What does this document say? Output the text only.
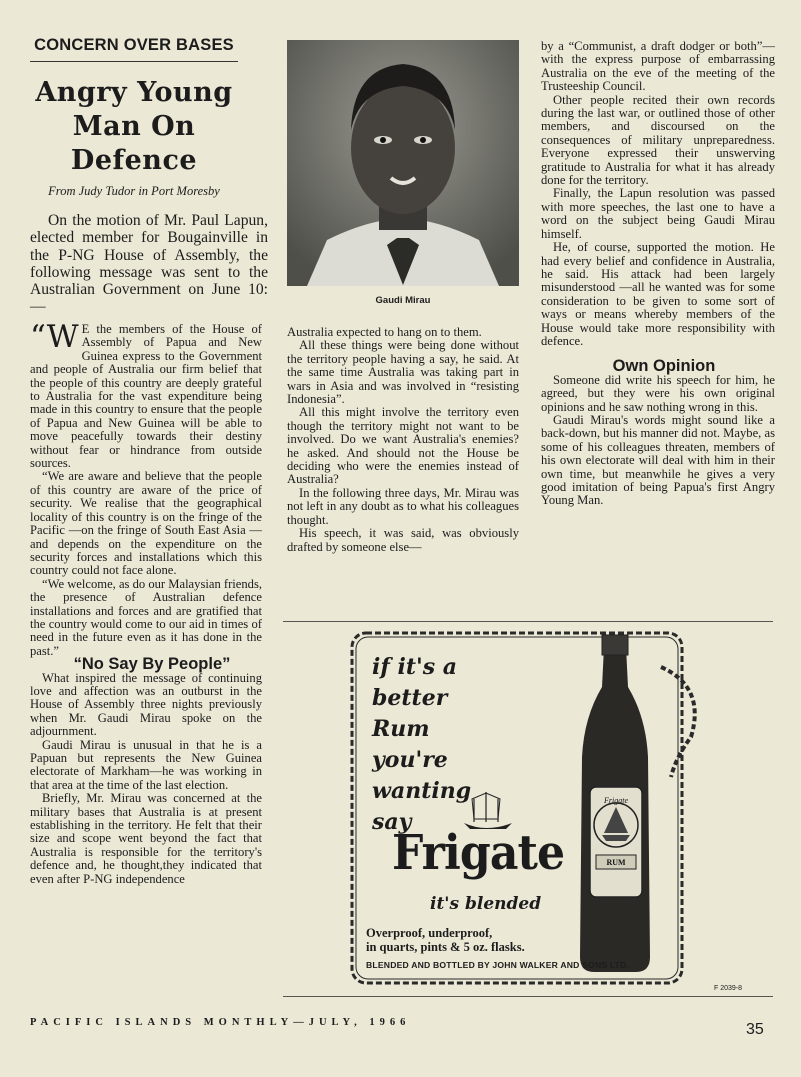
CONCERN OVER BASES
Angry Young Man On Defence
From Judy Tudor in Port Moresby

On the motion of Mr. Paul Lapun, elected member for Bougainville in the P-NG House of Assembly, the following message was sent to the Australian Government on June 10:—

“W E the members of the House of Assembly of Papua and New Guinea express to the Government and people of Australia our firm belief that the people of this country are deeply grateful to Australia for the vast expenditure being made in this country to ensure that the people of Papua and New Guinea will be able to move peacefully towards their destiny without fear or hindrance from outside sources.

“We are aware and believe that the people of this country are aware of the price of security. We realise that the geographical locality of this country is on the fringe of the Pacific —on the fringe of South East Asia —and depends on the expenditure on the security forces and installations which this country could not face alone.

“We welcome, as do our Malaysian friends, the presence of Australian defence installations and forces and are gratified that the country would come to our aid in times of need in the future even as it has done in the past.”

“No Say By People”

What inspired the message of continuing love and affection was an outburst in the House of Assembly three nights previously when Mr. Gaudi Mirau spoke on the adjournment.

Gaudi Mirau is unusual in that he is a Papuan but represents the New Guinea electorate of Markham—he was working in that area at the time of the last election.

Briefly, Mr. Mirau was concerned at the military bases that Australia is at present establishing in the territory. He felt that their size and scope went beyond the fact that Australia is responsible for the territory's defence and, he thought,they indicated that even after P-NG independence

Gaudi Mirau

Australia expected to hang on to them.

All these things were being done without the territory people having a say, he said. At the same time Australia was taking part in wars in Asia and was involved in “resisting Indonesia”.

All this might involve the territory even though the territory might not want to be involved. Do we want Australia's enemies? he asked. And should not the House be deciding who were the enemies instead of Australia?

In the following three days, Mr. Mirau was not left in any doubt as to what his colleagues thought.

His speech, it was said, was obviously drafted by someone else—

by a “Communist, a draft dodger or both”—with the express purpose of embarrassing Australia on the eve of the meeting of the Trusteeship Council.

Other people recited their own records during the last war, or outlined those of other members, and discoursed on the consequences of military unpreparedness. Everyone expressed their unswerving gratitude to Australia for what it has already done for the territory.

Finally, the Lapun resolution was passed with more speeches, the last one to have a word on the subject being Gaudi Mirau himself.

He, of course, supported the motion. He had every belief and confidence in Australia, he said. His attack had been largely misunderstood —all he wanted was for some consideration to be given to some sort of ways or means whereby members of the House would take more responsibility with defence.

Own Opinion

Someone did write his speech for him, he agreed, but they were his own original opinions and he saw nothing wrong in this.

Gaudi Mirau's words might sound like a back-down, but his manner did not. Maybe, as some of his colleagues threaten, members of his own electorate will deal with him in their own time, but meanwhile he gives a very good imitation of being Papua's first Angry Young Man.

RUM
Frigate
if it's a
better
Rum
you're
wanting
say
Frigate
it's blended
Overproof, underproof,
in quarts, pints & 5 oz. flasks.
BLENDED AND BOTTLED BY JOHN WALKER AND SONS LTD.
F 2039-8
PACIFIC ISLANDS MONTHLY—JULY, 1966	35
